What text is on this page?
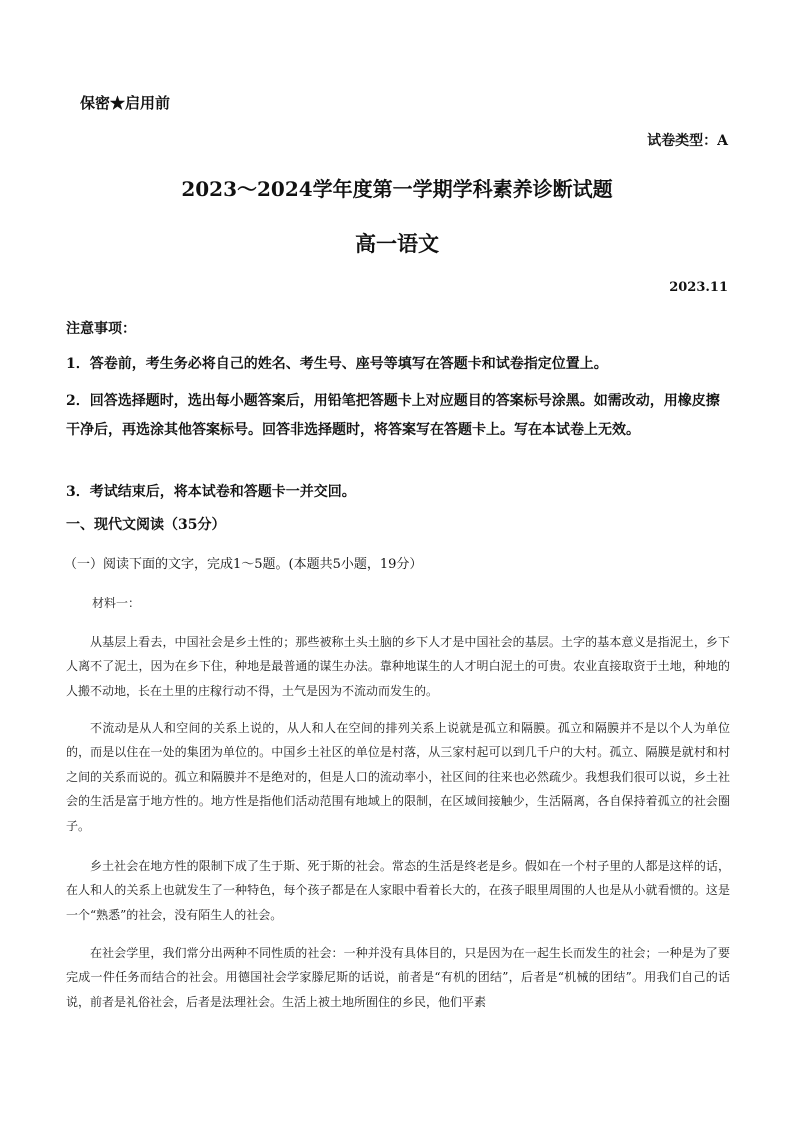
保密★启用前
试卷类型：A
2023～2024学年度第一学期学科素养诊断试题
高一语文
2023.11
注意事项：
1．答卷前，考生务必将自己的姓名、考生号、座号等填写在答题卡和试卷指定位置上。
2．回答选择题时，选出每小题答案后，用铅笔把答题卡上对应题目的答案标号涂黑。如需改动，用橡皮擦干净后，再选涂其他答案标号。回答非选择题时，将答案写在答题卡上。写在本试卷上无效。
3．考试结束后，将本试卷和答题卡一并交回。
一、现代文阅读（35分）
（一）阅读下面的文字，完成1～5题。(本题共5小题，19分）
材料一：
从基层上看去，中国社会是乡土性的；那些被称土头土脑的乡下人才是中国社会的基层。土字的基本意义是指泥土，乡下人离不了泥土，因为在乡下住，种地是最普通的谋生办法。靠种地谋生的人才明白泥土的可贵。农业直接取资于土地，种地的人搬不动地，长在土里的庄稼行动不得，土气是因为不流动而发生的。
不流动是从人和空间的关系上说的，从人和人在空间的排列关系上说就是孤立和隔膜。孤立和隔膜并不是以个人为单位的，而是以住在一处的集团为单位的。中国乡土社区的单位是村落，从三家村起可以到几千户的大村。孤立、隔膜是就村和村之间的关系而说的。孤立和隔膜并不是绝对的，但是人口的流动率小，社区间的往来也必然疏少。我想我们很可以说，乡土社会的生活是富于地方性的。地方性是指他们活动范围有地域上的限制，在区域间接触少，生活隔离，各自保持着孤立的社会圈子。
乡土社会在地方性的限制下成了生于斯、死于斯的社会。常态的生活是终老是乡。假如在一个村子里的人都是这样的话，在人和人的关系上也就发生了一种特色，每个孩子都是在人家眼中看着长大的，在孩子眼里周围的人也是从小就看惯的。这是一个“熟悉”的社会，没有陌生人的社会。
在社会学里，我们常分出两种不同性质的社会：一种并没有具体目的，只是因为在一起生长而发生的社会；一种是为了要完成一件任务而结合的社会。用德国社会学家滕尼斯的话说，前者是“有机的团结”，后者是“机械的团结”。用我们自己的话说，前者是礼俗社会，后者是法理社会。生活上被土地所囿住的乡民，他们平素
